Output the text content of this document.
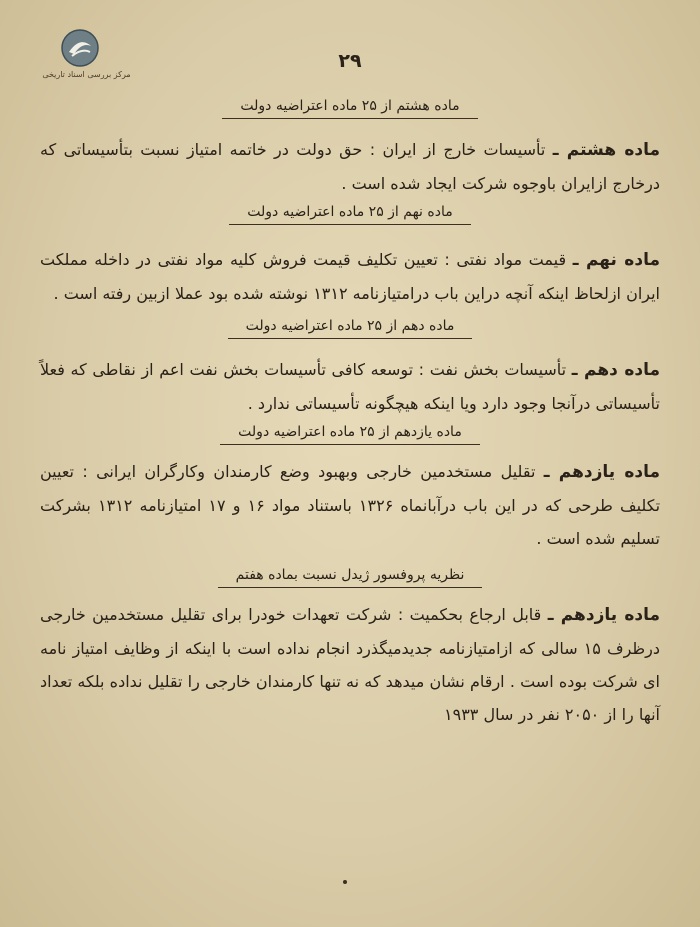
مرکز بررسی اسناد تاریخی
۲۹

ماده هشتم از ۲۵ ماده اعتراضیه دولت

ماده هشتم ـ تأسیسات خارج از ایران : حق دولت در خاتمه امتیاز نسبت بتأسیساتی که درخارج ازایران باوجوه شرکت ایجاد شده است .

ماده نهم از ۲۵ ماده اعتراضیه دولت

ماده نهم ـ قیمت مواد نفتی : تعیین تکلیف قیمت فروش کلیه مواد نفتی در داخله مملکت ایران ازلحاظ اینکه آنچه دراین باب درامتیازنامه ۱۳۱۲ نوشته شده بود عملا ازبین رفته است .

ماده دهم از ۲۵ ماده اعتراضیه دولت

ماده دهم ـ تأسیسات بخش نفت : توسعه کافی تأسیسات بخش نفت اعم از نقاطی که فعلاً تأسیساتی درآنجا وجود دارد ویا اینکه هیچگونه تأسیساتی ندارد .

ماده یازدهم از ۲۵ ماده اعتراضیه دولت

ماده یازدهم ـ تقلیل مستخدمین خارجی وبهبود وضع کارمندان وکارگران ایرانی : تعیین تکلیف طرحی که در این باب درآبانماه ۱۳۲۶ باستناد مواد ۱۶ و ۱۷ امتیازنامه ۱۳۱۲ بشرکت تسلیم شده است .

نظریه پروفسور ژیدل نسبت بماده هفتم

ماده یازدهم ـ قابل ارجاع بحکمیت : شرکت تعهدات خودرا برای تقلیل مستخدمین خارجی درظرف ۱۵ سالی که ازامتیازنامه جدیدمیگذرد انجام نداده است با اینکه از وظایف امتیاز نامه ای شرکت بوده است . ارقام نشان میدهد که نه تنها کارمندان خارجی را تقلیل نداده بلکه تعداد آنها را از ۲۰۵۰ نفر در سال ۱۹۳۳
